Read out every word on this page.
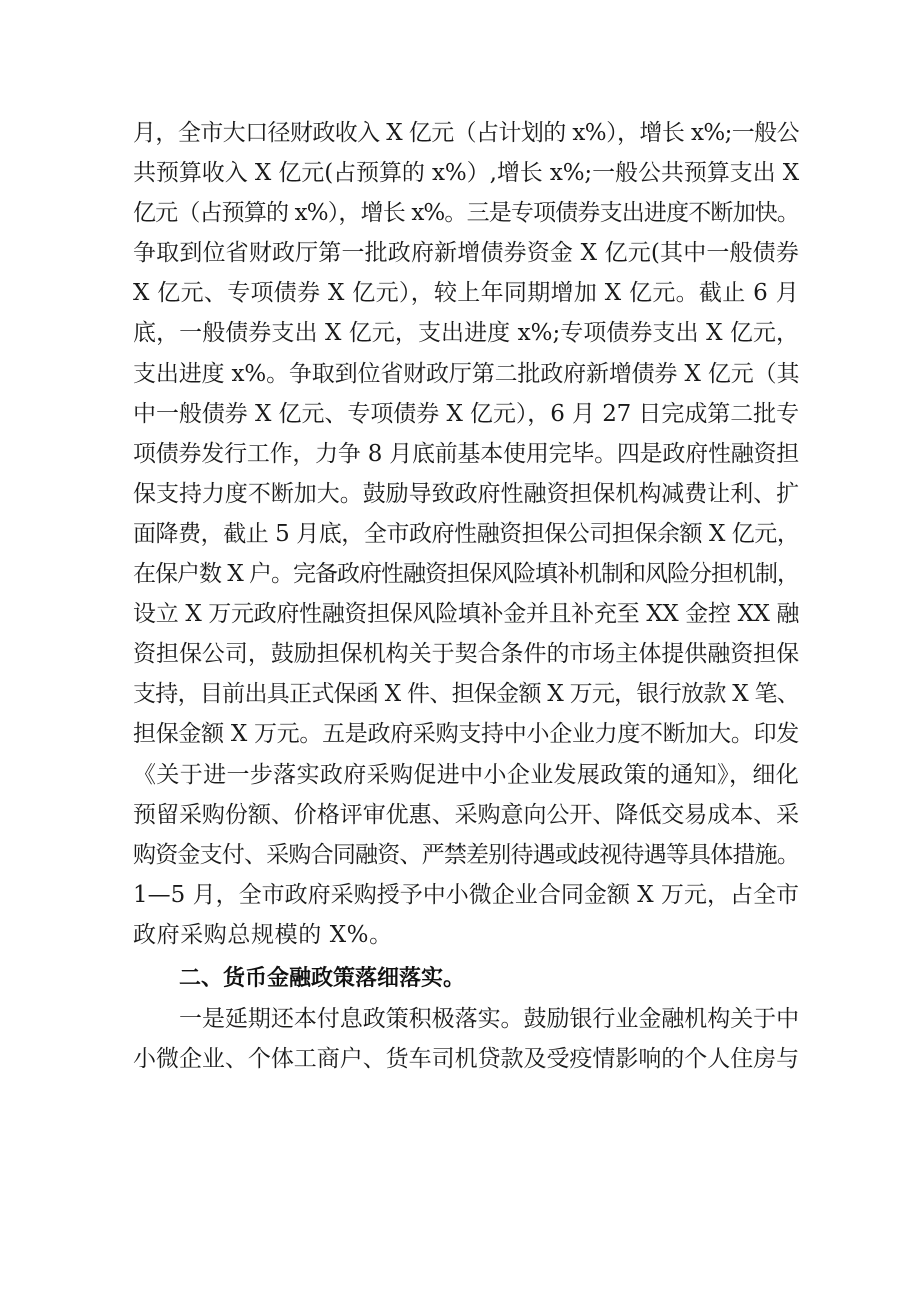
月，全市大口径财政收入 X 亿元（占计划的 x%），增长 x%;一般公
共预算收入 X 亿元(占预算的 x%）,增长 x%;一般公共预算支出 X
亿元（占预算的 x%），增长 x%。三是专项债券支出进度不断加快。
争取到位省财政厅第一批政府新增债券资金 X 亿元(其中一般债券
X 亿元、专项债券 X 亿元），较上年同期增加 X 亿元。截止 6 月
底，一般债券支出 X 亿元，支出进度 x%;专项债券支出 X 亿元，
支出进度 x%。争取到位省财政厅第二批政府新增债券 X 亿元（其
中一般债券 X 亿元、专项债券 X 亿元），6 月 27 日完成第二批专
项债券发行工作，力争 8 月底前基本使用完毕。四是政府性融资担
保支持力度不断加大。鼓励导致政府性融资担保机构减费让利、扩
面降费，截止 5 月底，全市政府性融资担保公司担保余额 X 亿元，
在保户数 X 户。完备政府性融资担保风险填补机制和风险分担机制，
设立 X 万元政府性融资担保风险填补金并且补充至 XX 金控 XX 融
资担保公司，鼓励担保机构关于契合条件的市场主体提供融资担保
支持，目前出具正式保函 X 件、担保金额 X 万元，银行放款 X 笔、
担保金额 X 万元。五是政府采购支持中小企业力度不断加大。印发
《关于进一步落实政府采购促进中小企业发展政策的通知》，细化
预留采购份额、价格评审优惠、采购意向公开、降低交易成本、采
购资金支付、采购合同融资、严禁差别待遇或歧视待遇等具体措施。
1—5 月，全市政府采购授予中小微企业合同金额 X 万元，占全市
政府采购总规模的 X%。
二、货币金融政策落细落实。
一是延期还本付息政策积极落实。鼓励银行业金融机构关于中
小微企业、个体工商户、货车司机贷款及受疫情影响的个人住房与
